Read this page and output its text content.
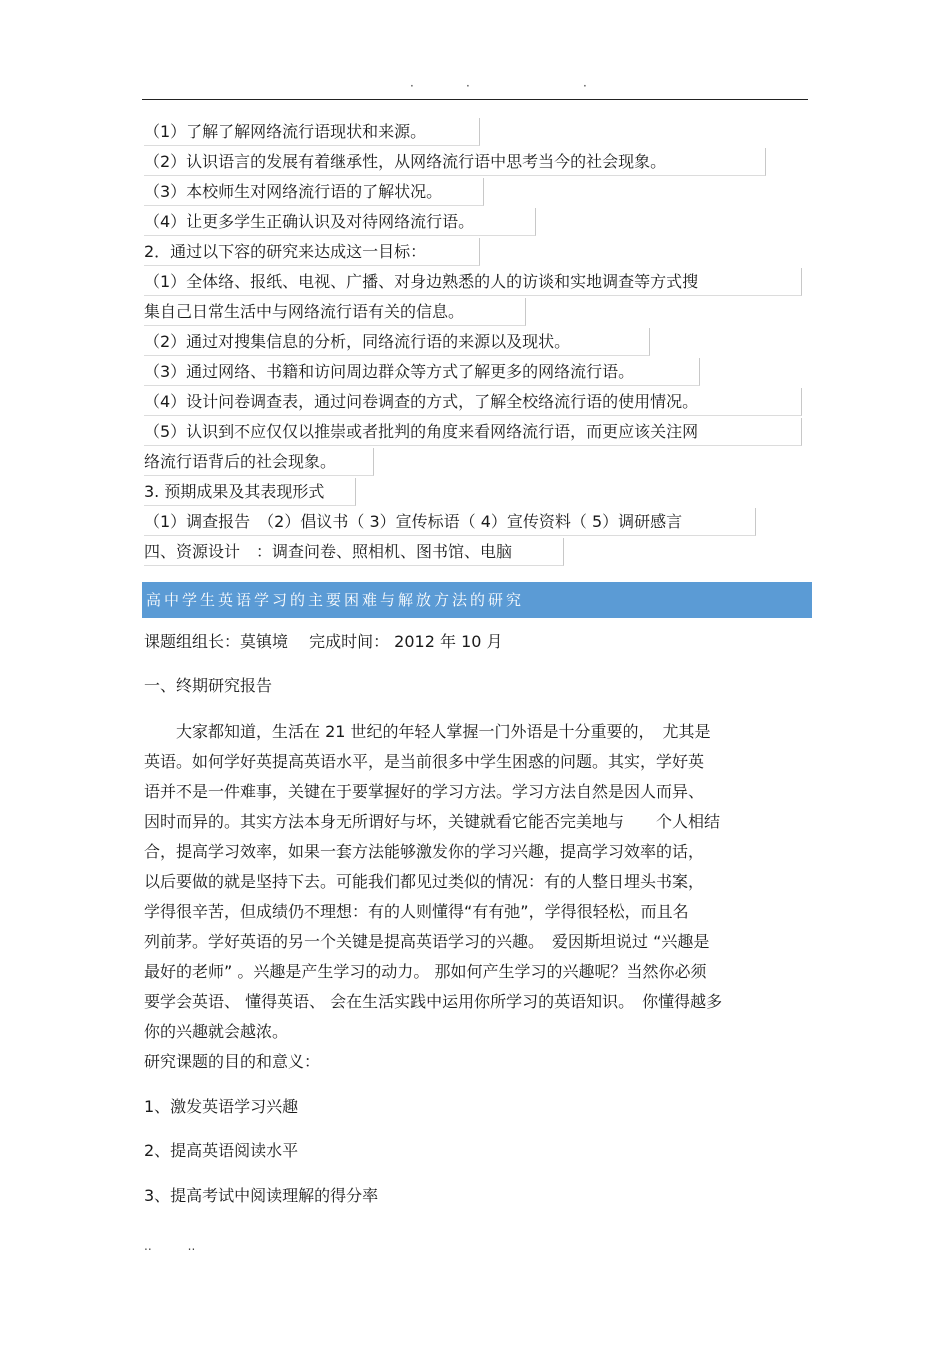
·	·	·
（1）了解了解网络流行语现状和来源。
（2）认识语言的发展有着继承性，从网络流行语中思考当今的社会现象。
（3）本校师生对网络流行语的了解状况。
（4）让更多学生正确认识及对待网络流行语。
2．通过以下容的研究来达成这一目标：
（1）全体络、报纸、电视、广播、对身边熟悉的人的访谈和实地调查等方式搜
集自己日常生活中与网络流行语有关的信息。
（2）通过对搜集信息的分析，同络流行语的来源以及现状。
（3）通过网络、书籍和访问周边群众等方式了解更多的网络流行语。
（4）设计问卷调查表，通过问卷调查的方式，了解全校络流行语的使用情况。
（5）认识到不应仅仅以推崇或者批判的角度来看网络流行语，而更应该关注网
络流行语背后的社会现象。
3. 预期成果及其表现形式
（1）调查报告　（2）倡议书（ 3）宣传标语（ 4）宣传资料（ 5）调研感言
四、资源设计　：调查问卷、照相机、图书馆、电脑
高中学生英语学习的主要困难与解放方法的研究
课题组组长：莫镇境　 完成时间： 2012 年 10 月
一、终期研究报告
　　大家都知道，生活在 21 世纪的年轻人掌握一门外语是十分重要的，　尤其是
英语。如何学好英提高英语水平，是当前很多中学生困惑的问题。其实，学好英
语并不是一件难事，关键在于要掌握好的学习方法。学习方法自然是因人而异、
因时而异的。其实方法本身无所谓好与坏，关键就看它能否完美地与　　个人相结
合，提高学习效率，如果一套方法能够激发你的学习兴趣，提高学习效率的话，
以后要做的就是坚持下去。可能我们都见过类似的情况：有的人整日埋头书案，
学得很辛苦，但成绩仍不理想：有的人则懂得“有有弛”，学得很轻松，而且名
列前茅。学好英语的另一个关键是提高英语学习的兴趣。　爱因斯坦说过 “兴趣是
最好的老师” 。兴趣是产生学习的动力。 那如何产生学习的兴趣呢？当然你必须
要学会英语、 懂得英语、 会在生活实践中运用你所学习的英语知识。　你懂得越多
你的兴趣就会越浓。
研究课题的目的和意义：
1、激发英语学习兴趣
2、提高英语阅读水平
3、提高考试中阅读理解的得分率
..　　　..
